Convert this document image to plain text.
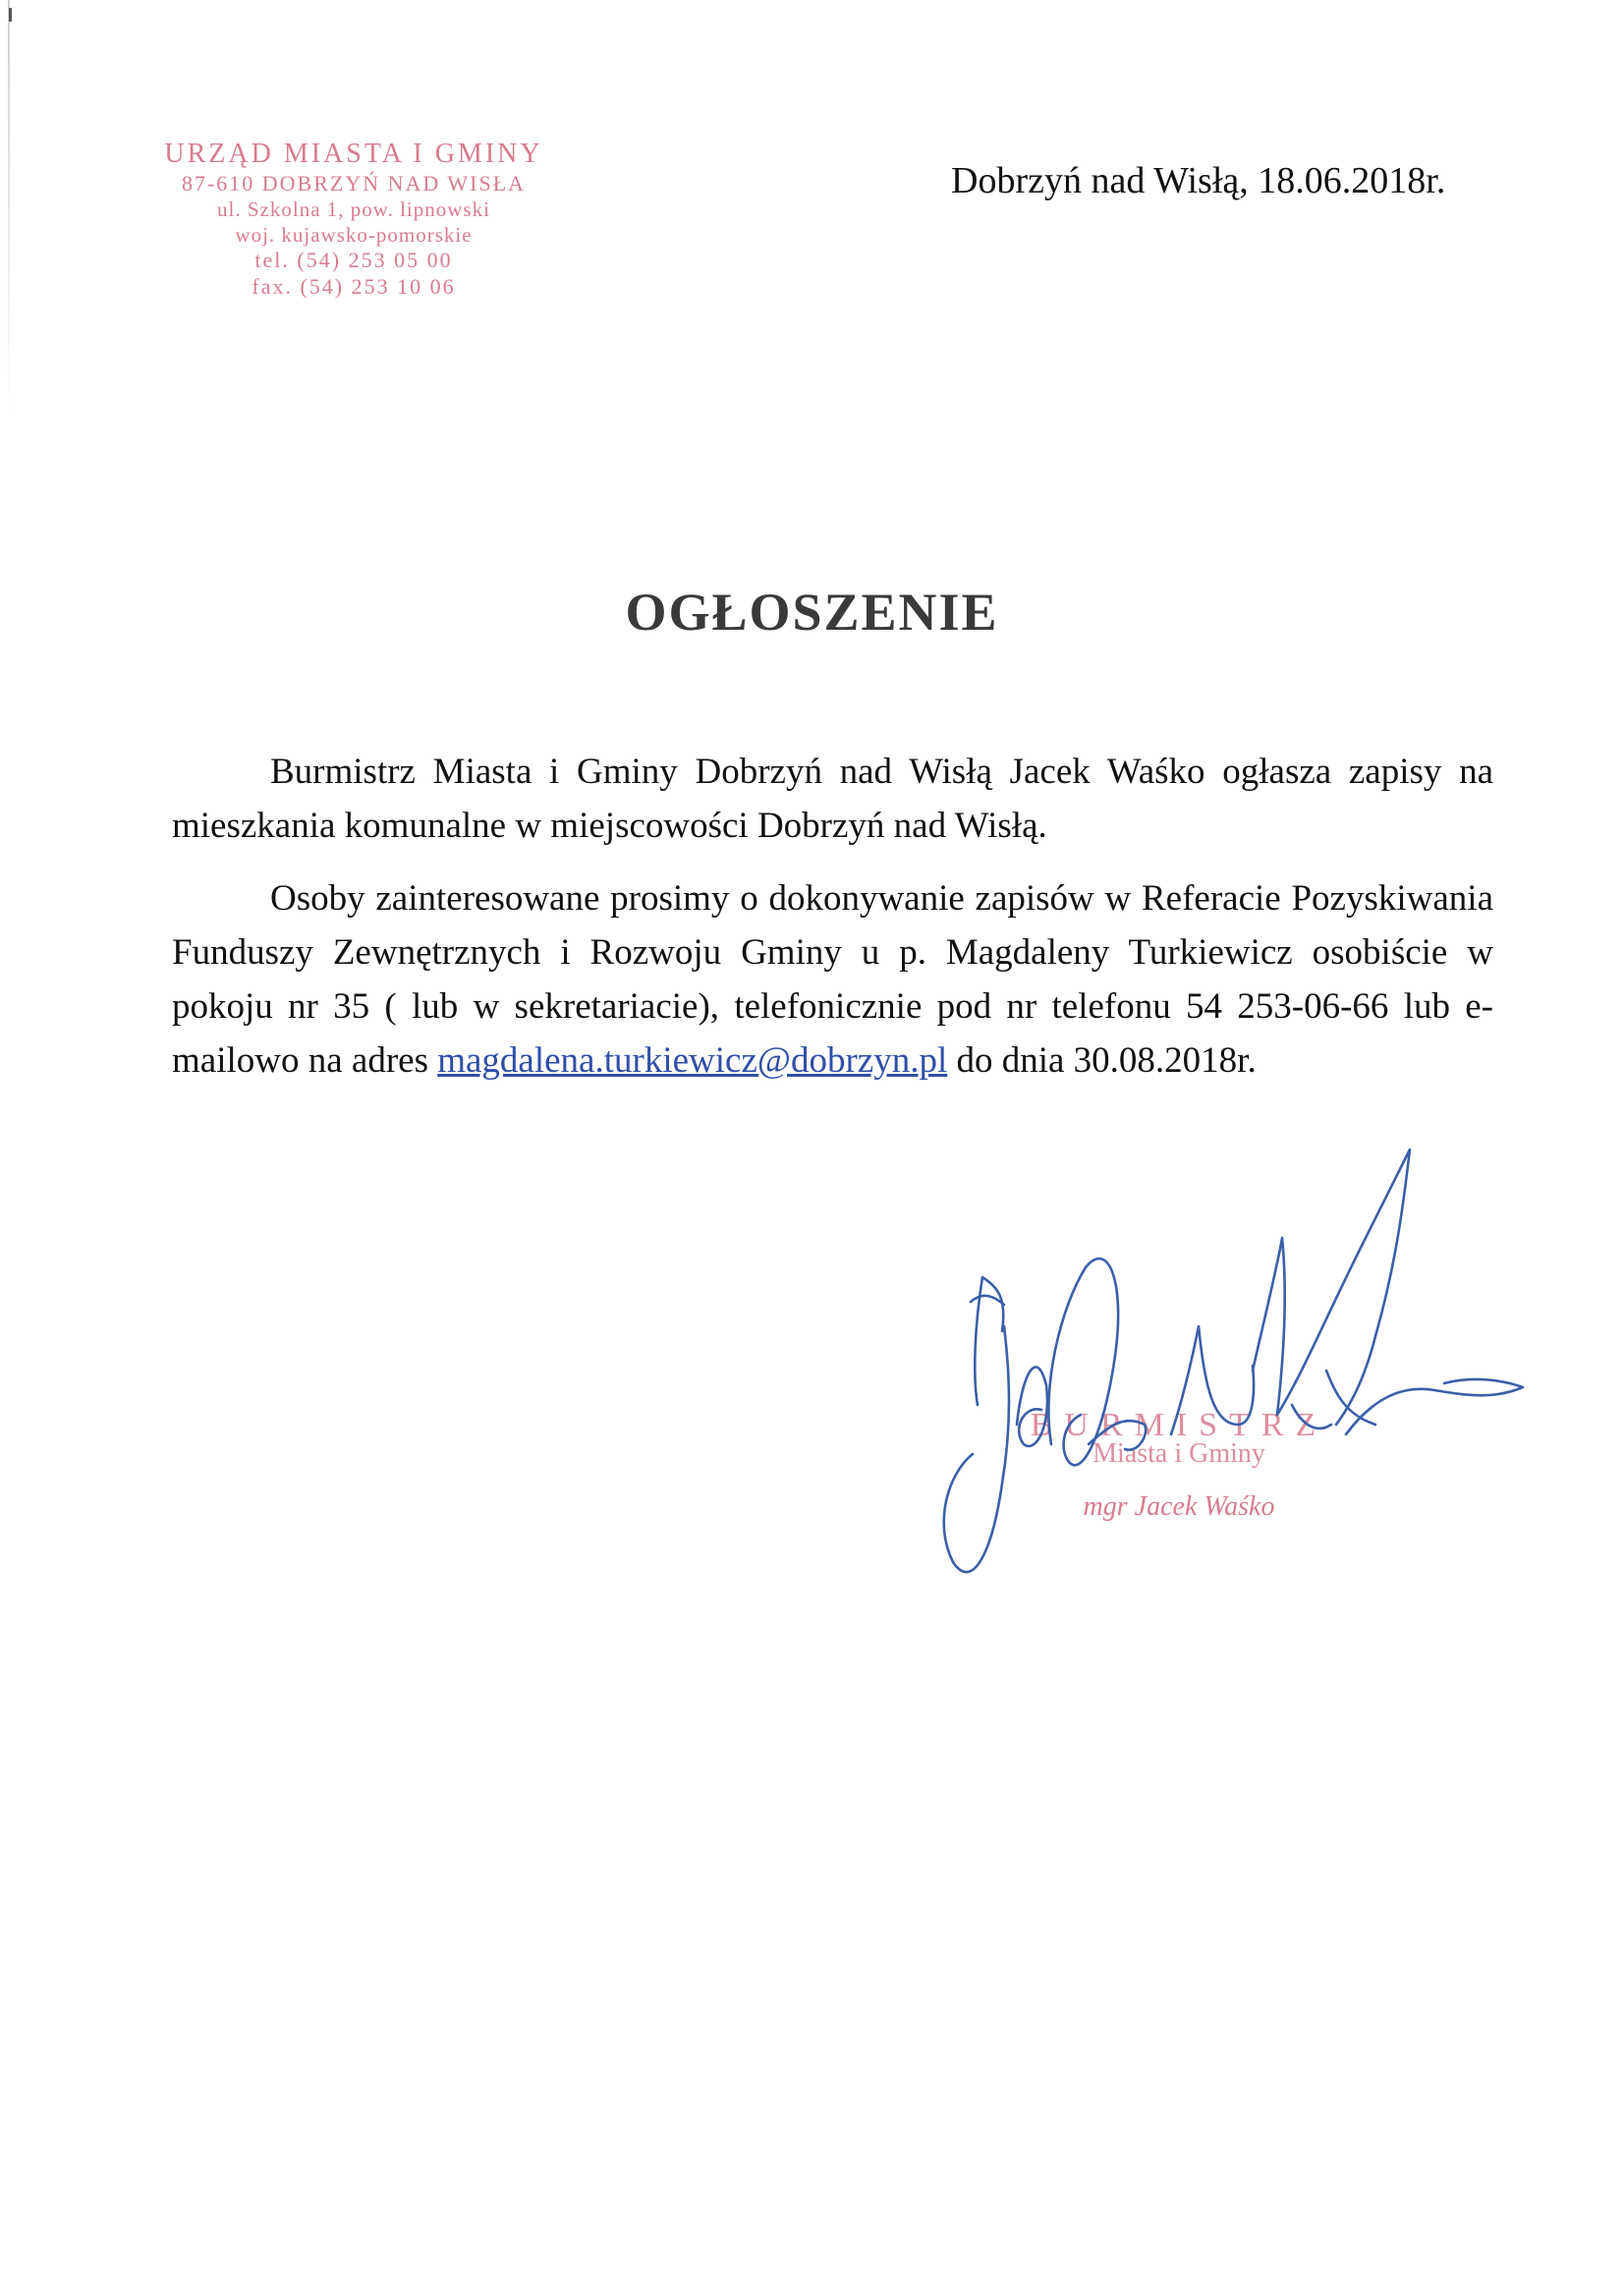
URZĄD MIASTA I GMINY
87-610 DOBRZYŃ NAD WISŁA
ul. Szkolna 1, pow. lipnowski
woj. kujawsko-pomorskie
tel. (54) 253 05 00
fax. (54) 253 10 06
Dobrzyń nad Wisłą, 18.06.2018r.
OGŁOSZENIE

Burmistrz Miasta i Gminy Dobrzyń nad Wisłą Jacek Waśko ogłasza zapisy na mieszkania komunalne w miejscowości Dobrzyń nad Wisłą.

Osoby zainteresowane prosimy o dokonywanie zapisów w Referacie Pozyskiwania Funduszy Zewnętrznych i Rozwoju Gminy u p. Magdaleny Turkiewicz osobiście w pokoju nr 35 ( lub w sekretariacie), telefonicznie pod nr telefonu 54 253-06-66 lub e-mailowo na adres magdalena.turkiewicz@dobrzyn.pl do dnia 30.08.2018r.

BURMISTRZ
Miasta i Gminy
mgr Jacek Waśko
